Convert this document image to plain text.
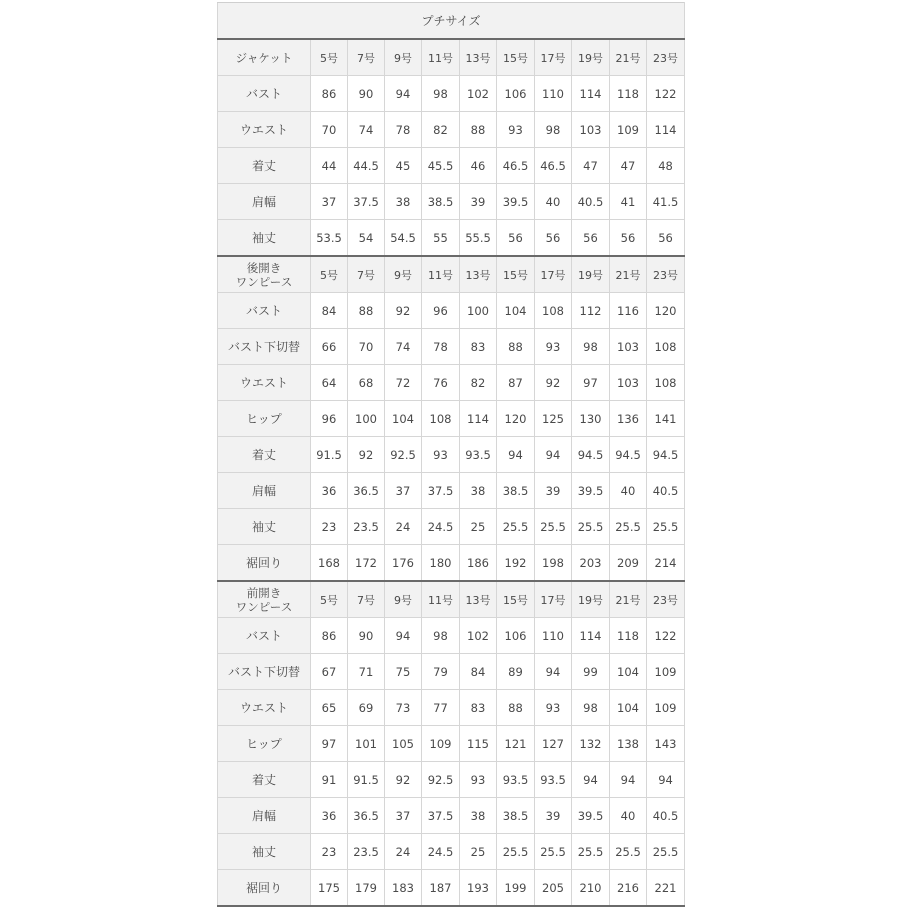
プチサイズ										
ジャケット	5号	7号	9号	11号	13号	15号	17号	19号	21号	23号
バスト	86	90	94	98	102	106	110	114	118	122
ウエスト	70	74	78	82	88	93	98	103	109	114
着丈	44	44.5	45	45.5	46	46.5	46.5	47	47	48
肩幅	37	37.5	38	38.5	39	39.5	40	40.5	41	41.5
袖丈	53.5	54	54.5	55	55.5	56	56	56	56	56

後開き
ワンピース	5号	7号	9号	11号	13号	15号	17号	19号	21号	23号
バスト	84	88	92	96	100	104	108	112	116	120
バスト下切替	66	70	74	78	83	88	93	98	103	108
ウエスト	64	68	72	76	82	87	92	97	103	108
ヒップ	96	100	104	108	114	120	125	130	136	141
着丈	91.5	92	92.5	93	93.5	94	94	94.5	94.5	94.5
肩幅	36	36.5	37	37.5	38	38.5	39	39.5	40	40.5
袖丈	23	23.5	24	24.5	25	25.5	25.5	25.5	25.5	25.5
裾回り	168	172	176	180	186	192	198	203	209	214

前開き
ワンピース	5号	7号	9号	11号	13号	15号	17号	19号	21号	23号
バスト	86	90	94	98	102	106	110	114	118	122
バスト下切替	67	71	75	79	84	89	94	99	104	109
ウエスト	65	69	73	77	83	88	93	98	104	109
ヒップ	97	101	105	109	115	121	127	132	138	143
着丈	91	91.5	92	92.5	93	93.5	93.5	94	94	94
肩幅	36	36.5	37	37.5	38	38.5	39	39.5	40	40.5
袖丈	23	23.5	24	24.5	25	25.5	25.5	25.5	25.5	25.5
裾回り	175	179	183	187	193	199	205	210	216	221
